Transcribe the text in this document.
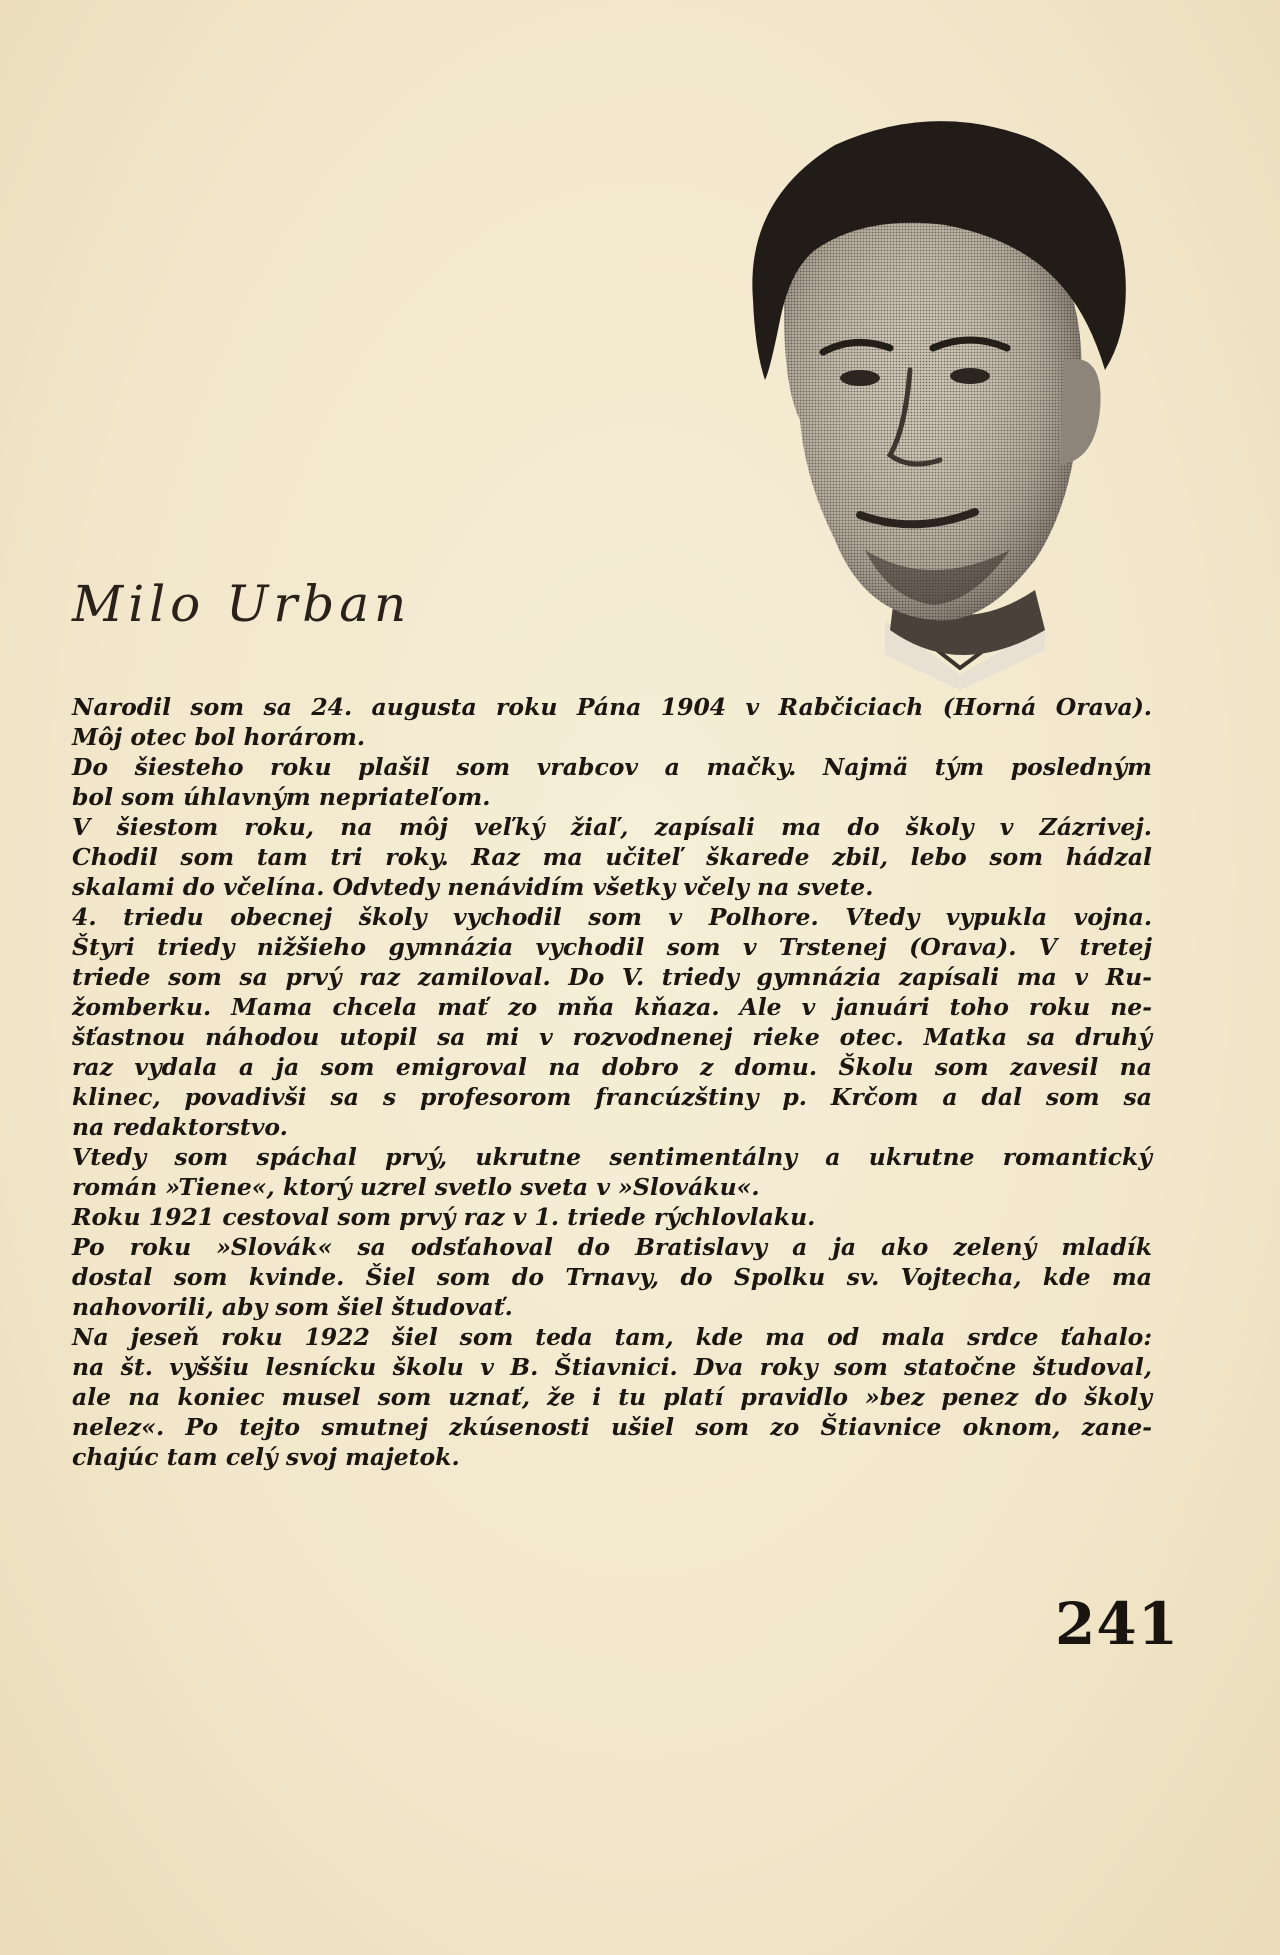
Milo Urban
Narodil som sa 24. augusta roku Pána 1904 v Rabčiciach (Horná Orava).
Môj otec bol horárom.
Do šiesteho roku plašil som vrabcov a mačky. Najmä tým posledným
bol som úhlavným nepriateľom.
V šiestom roku, na môj veľký žiaľ, zapísali ma do školy v Zázrivej.
Chodil som tam tri roky. Raz ma učiteľ škarede zbil, lebo som hádzal
skalami do včelína. Odvtedy nenávidím všetky včely na svete.
4. triedu obecnej školy vychodil som v Polhore. Vtedy vypukla vojna.
Štyri triedy nižšieho gymnázia vychodil som v Trstenej (Orava). V tretej
triede som sa prvý raz zamiloval. Do V. triedy gymnázia zapísali ma v Ru-
žomberku. Mama chcela mať zo mňa kňaza. Ale v januári toho roku ne-
šťastnou náhodou utopil sa mi v rozvodnenej rieke otec. Matka sa druhý
raz vydala a ja som emigroval na dobro z domu. Školu som zavesil na
klinec, povadivši sa s profesorom francúzštiny p. Krčom a dal som sa
na redaktorstvo.
Vtedy som spáchal prvý, ukrutne sentimentálny a ukrutne romantický
román »Tiene«, ktorý uzrel svetlo sveta v »Slováku«.
Roku 1921 cestoval som prvý raz v 1. triede rýchlovlaku.
Po roku »Slovák« sa odsťahoval do Bratislavy a ja ako zelený mladík
dostal som kvinde. Šiel som do Trnavy, do Spolku sv. Vojtecha, kde ma
nahovorili, aby som šiel študovať.
Na jeseň roku 1922 šiel som teda tam, kde ma od mala srdce ťahalo:
na št. vyššiu lesnícku školu v B. Štiavnici. Dva roky som statočne študoval,
ale na koniec musel som uznať, že i tu platí pravidlo »bez penez do školy
nelez«. Po tejto smutnej zkúsenosti ušiel som zo Štiavnice oknom, zane-
chajúc tam celý svoj majetok.
241
